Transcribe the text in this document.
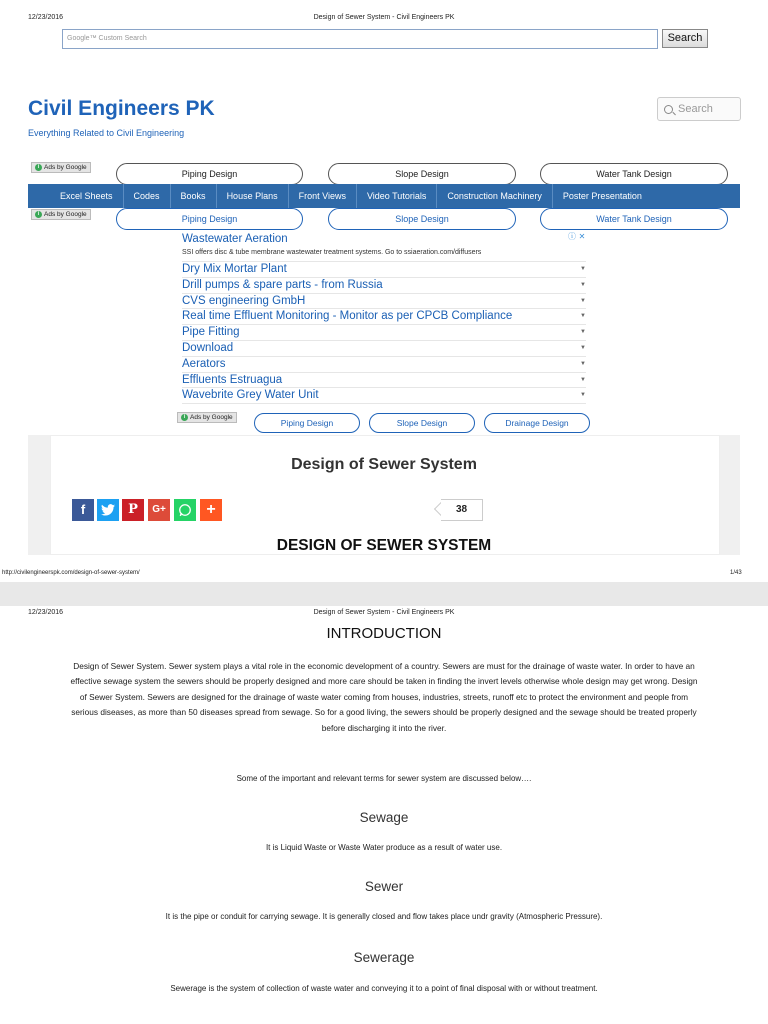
12/23/2016	Design of Sewer System - Civil Engineers PK
Google™ Custom Search	Search
Civil Engineers PK
Everything Related to Civil Engineering
Search
i Ads by Google
Piping Design	Slope Design	Water Tank Design
Excel Sheets	Codes	Books	House Plans	Front Views	Video Tutorials	Construction Machinery	Poster Presentation
i Ads by Google	Piping Design	Slope Design	Water Tank Design
Wastewater Aeration
SSI offers disc & tube membrane wastewater treatment systems. Go to ssiaeration.com/diffusers
ⓘ ✕
Dry Mix Mortar Plant	▼
Drill pumps & spare parts - from Russia	▼
CVS engineering GmbH	▼
Real time Effluent Monitoring - Monitor as per CPCB Compliance	▼
Pipe Fitting	▼
Download	▼
Aerators	▼
Effluents Estruagua	▼
Wavebrite Grey Water Unit	▼
i Ads by Google
Piping Design	Slope Design	Drainage Design
Design of Sewer System
f	P	G+	+	38
DESIGN OF SEWER SYSTEM
http://civilengineerspk.com/design-of-sewer-system/	1/43
12/23/2016	Design of Sewer System - Civil Engineers PK
INTRODUCTION
Design of Sewer System. Sewer system plays a vital role in the economic development of a country. Sewers are must for the drainage of waste water. In order to have an effective sewage system the sewers should be properly designed and more care should be taken in finding the invert levels otherwise whole design may get wrong. Design of Sewer System. Sewers are designed for the drainage of waste water coming from houses, industries, streets, runoff etc to protect the environment and people from serious diseases, as more than 50 diseases spread from sewage. So for a good living, the sewers should be properly designed and the sewage should be treated properly before discharging it into the river.
Some of the important and relevant terms for sewer system are discussed below….
Sewage
It is Liquid Waste or Waste Water produce as a result of water use.
Sewer
It is the pipe or conduit for carrying sewage. It is generally closed and flow takes place undr gravity (Atmospheric Pressure).
Sewerage
Sewerage is the system of collection of waste water and conveying it to a point of final disposal with or without treatment.
